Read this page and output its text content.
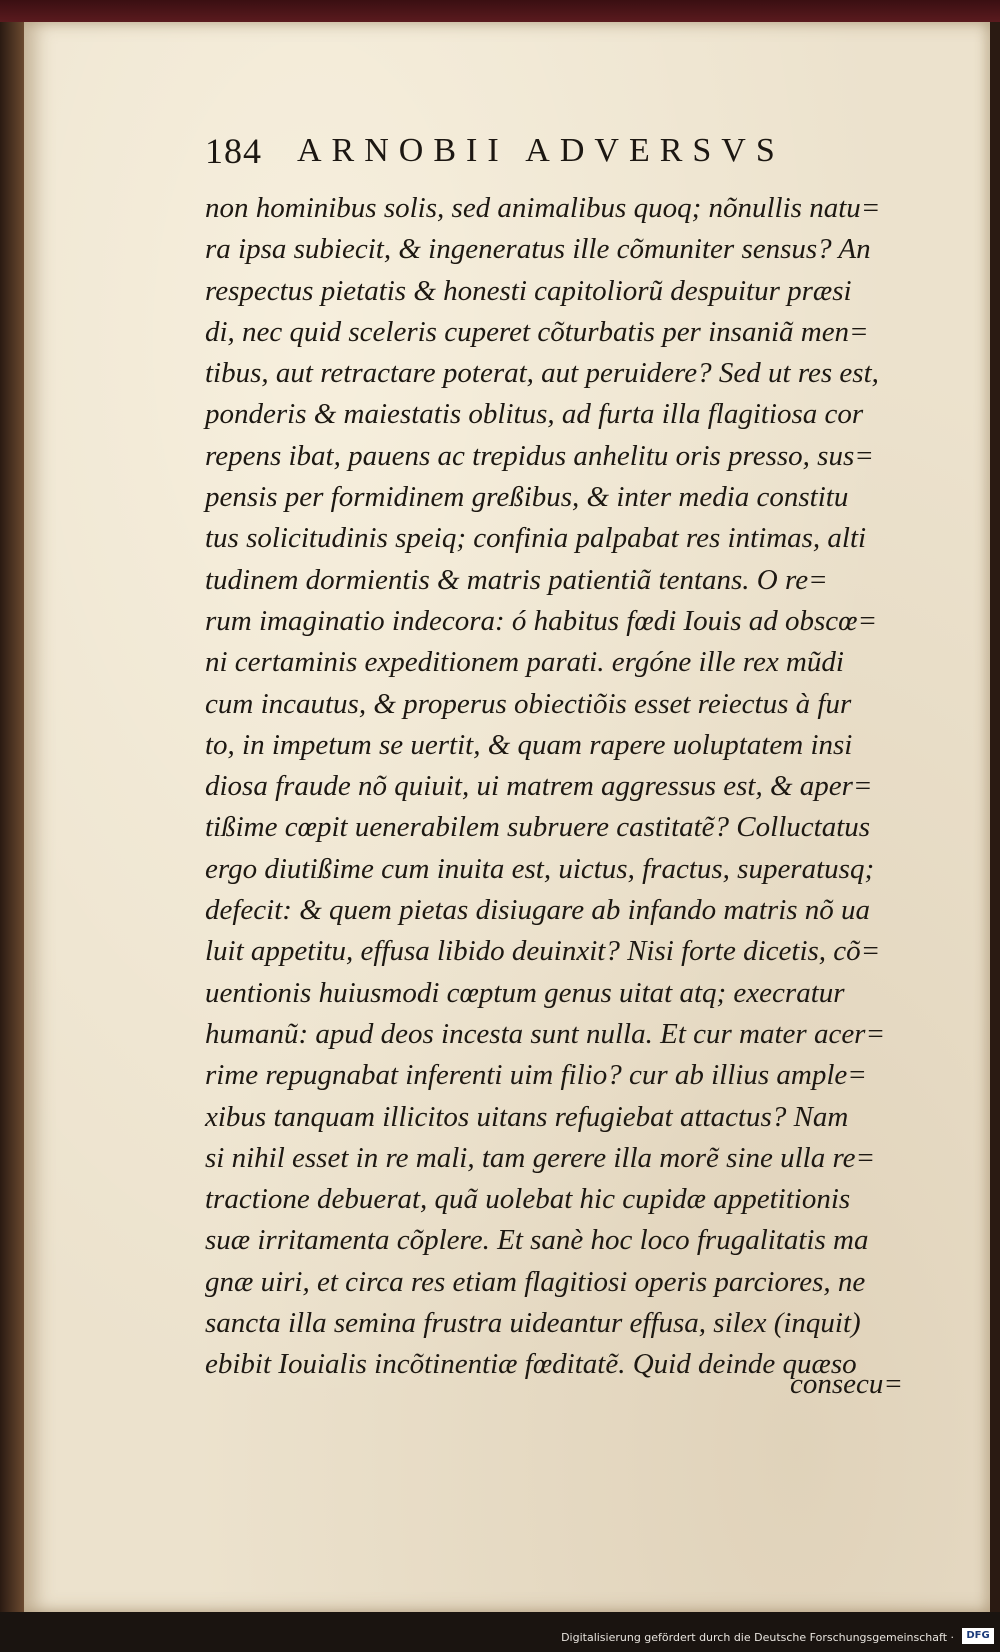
184 ARNOBII ADVERSVS
non hominibus solis, sed animalibus quoq; nõnullis natu=
ra ipsa subiecit, & ingeneratus ille cõmuniter sensus? An
respectus pietatis & honesti capitoliorũ despuitur præsi
di, nec quid sceleris cuperet cõturbatis per insaniã men=
tibus, aut retractare poterat, aut peruidere? Sed ut res est,
ponderis & maiestatis oblitus, ad furta illa flagitiosa cor
repens ibat, pauens ac trepidus anhelitu oris presso, sus=
pensis per formidinem greßibus, & inter media constitu
tus solicitudinis speiq; confinia palpabat res intimas, alti
tudinem dormientis & matris patientiã tentans. O re=
rum imaginatio indecora: ó habitus fœdi Iouis ad obscœ=
ni certaminis expeditionem parati. ergóne ille rex mũdi
cum incautus, & properus obiectiõis esset reiectus à fur
to, in impetum se uertit, & quam rapere uoluptatem insi
diosa fraude nõ quiuit, ui matrem aggressus est, & aper=
tißime cœpit uenerabilem subruere castitatẽ? Colluctatus
ergo diutißime cum inuita est, uictus, fractus, superatusq;
defecit: & quem pietas disiugare ab infando matris nõ ua
luit appetitu, effusa libido deuinxit? Nisi forte dicetis, cõ=
uentionis huiusmodi cœptum genus uitat atq; execratur
humanũ: apud deos incesta sunt nulla. Et cur mater acer=
rime repugnabat inferenti uim filio? cur ab illius ample=
xibus tanquam illicitos uitans refugiebat attactus? Nam
si nihil esset in re mali, tam gerere illa morẽ sine ulla re=
tractione debuerat, quã uolebat hic cupidæ appetitionis
suæ irritamenta cõplere. Et sanè hoc loco frugalitatis ma
gnæ uiri, et circa res etiam flagitiosi operis parciores, ne
sancta illa semina frustra uideantur effusa, silex (inquit)
ebibit Iouialis incõtinentiæ fœditatẽ. Quid deinde quæso
consecu=
Digitalisierung gefördert durch die Deutsche Forschungsgemeinschaft ·	DFG
